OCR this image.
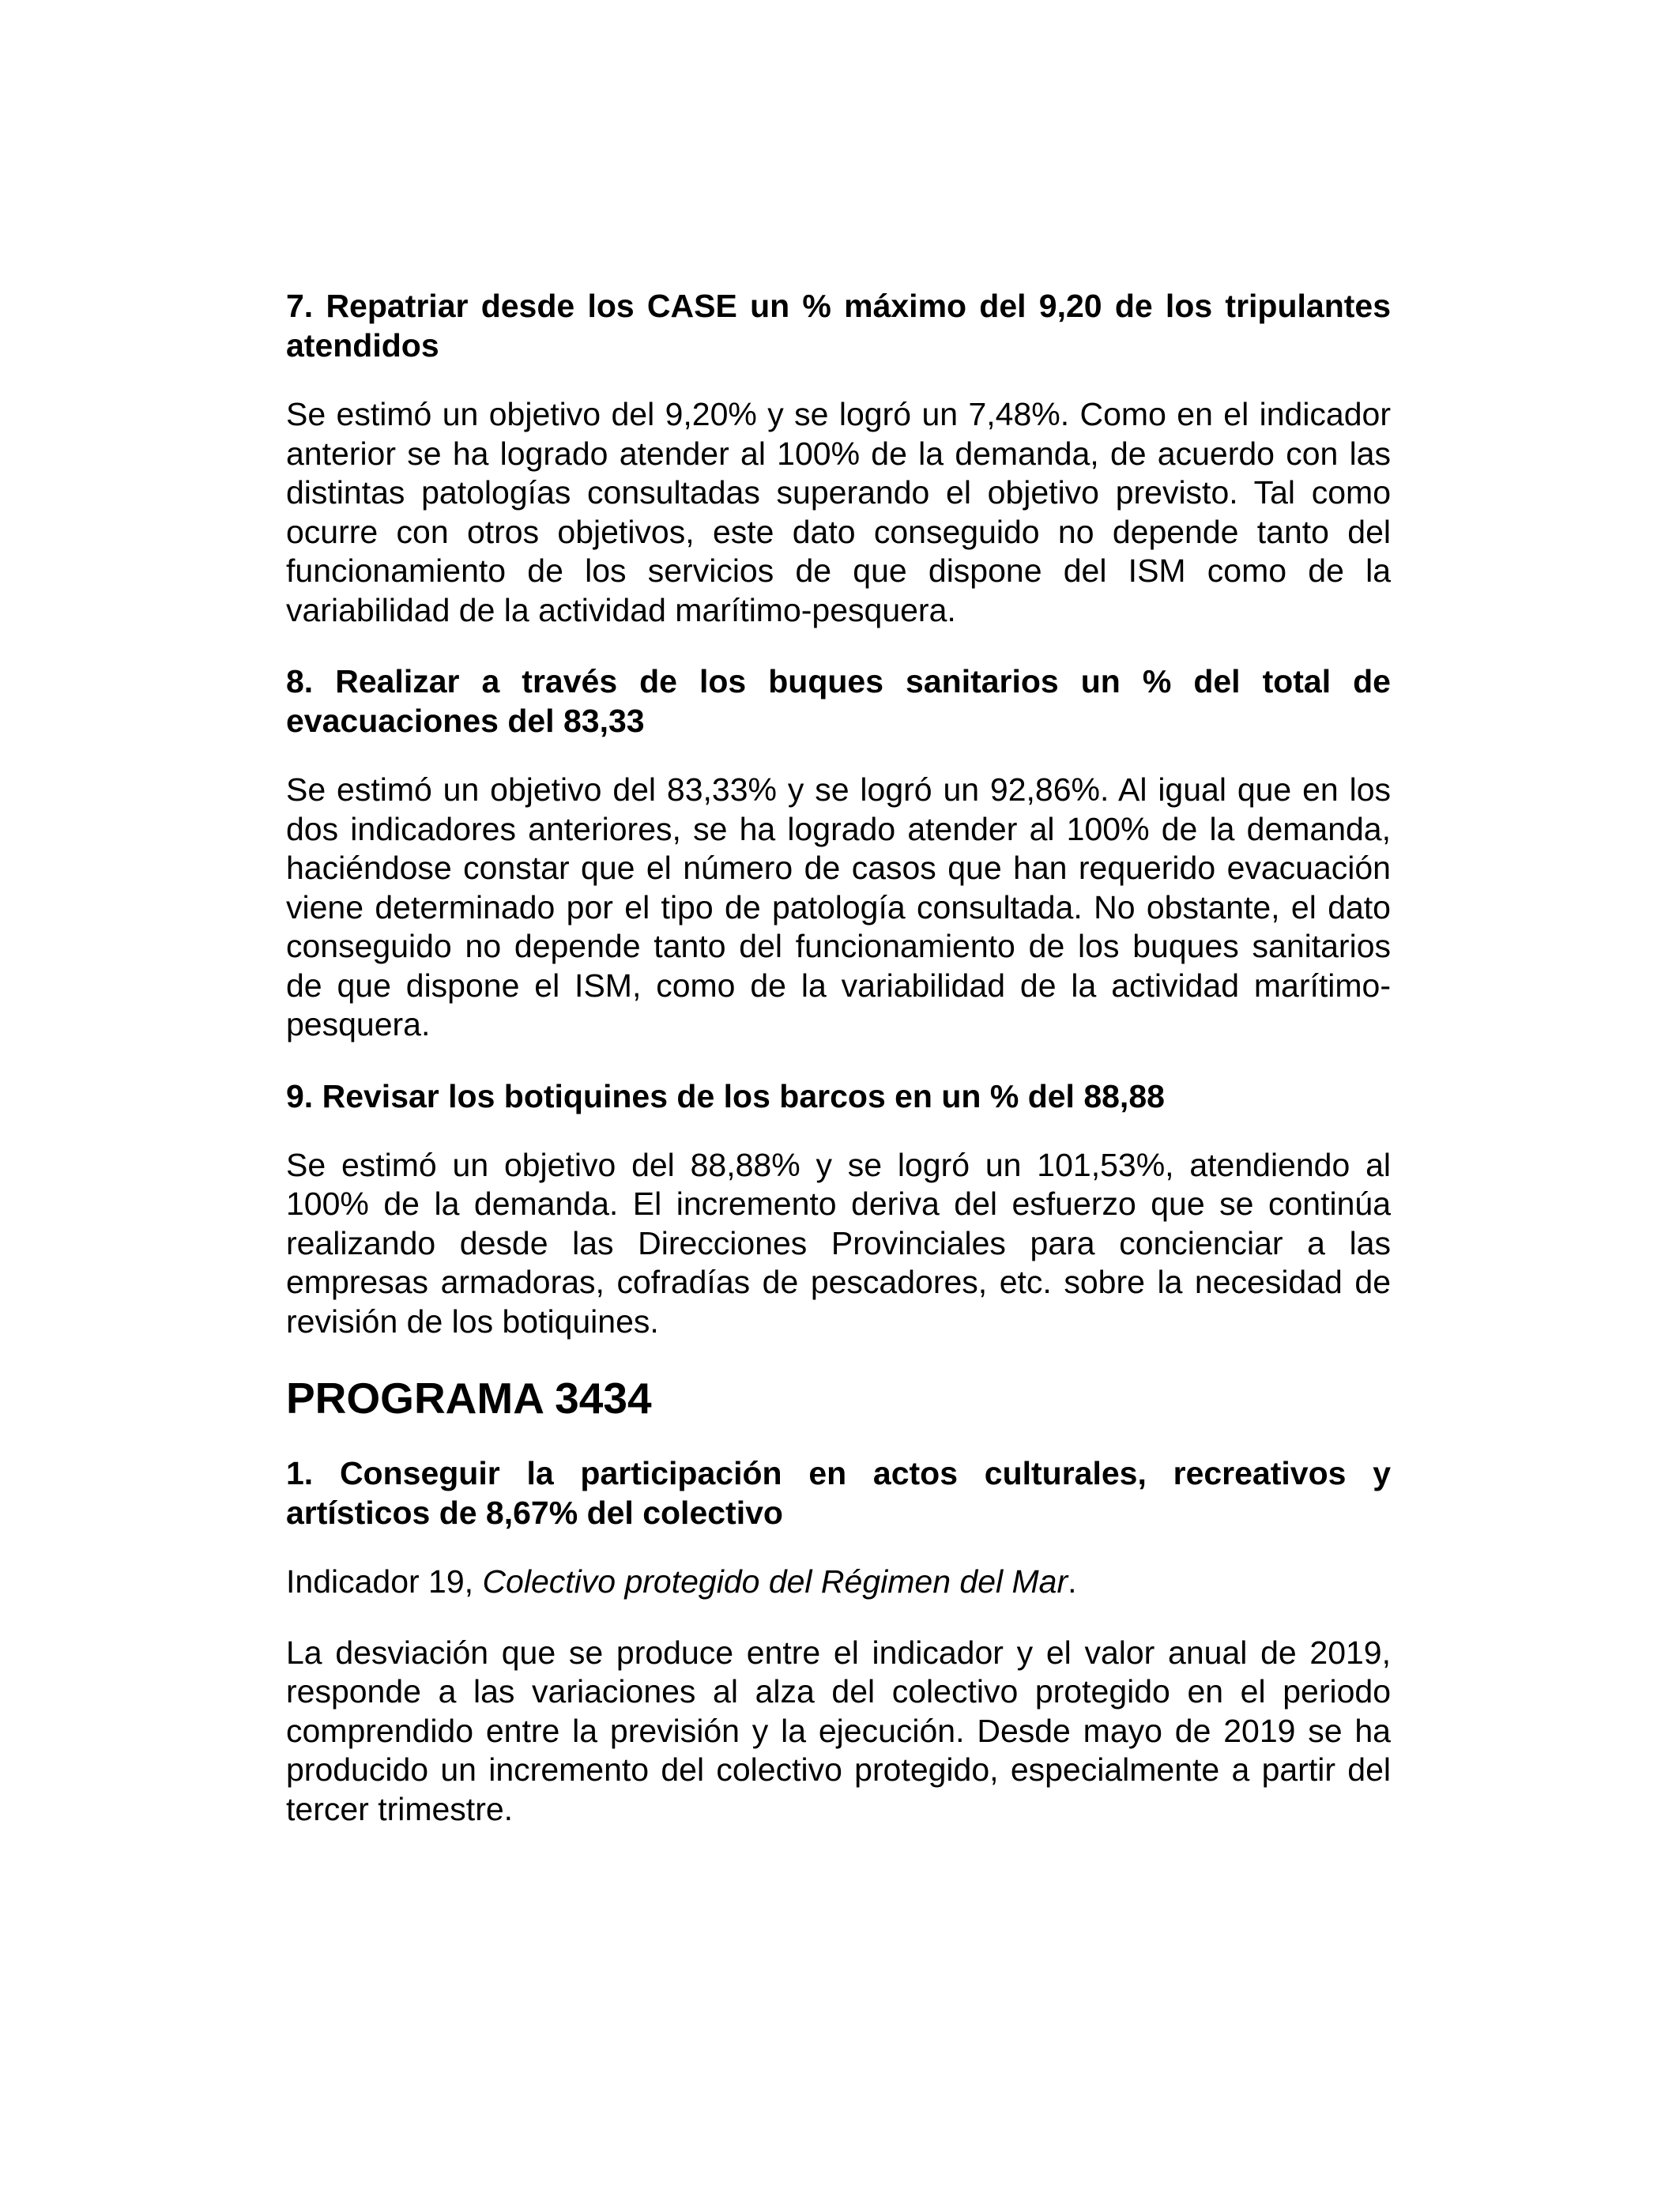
7. Repatriar desde los CASE un % máximo del 9,20 de los tripulantes atendidos

Se estimó un objetivo del 9,20% y se logró un 7,48%. Como en el indicador anterior se ha logrado atender al 100% de la demanda, de acuerdo con las distintas patologías consultadas superando el objetivo previsto. Tal como ocurre con otros objetivos, este dato conseguido no depende tanto del funcionamiento de los servicios de que dispone del ISM como de la variabilidad de la actividad marítimo-pesquera.

8. Realizar a través de los buques sanitarios un % del total de evacuaciones del 83,33

Se estimó un objetivo del 83,33% y se logró un 92,86%. Al igual que en los dos indicadores anteriores, se ha logrado atender al 100% de la demanda, haciéndose constar que el número de casos que han requerido evacuación viene determinado por el tipo de patología consultada. No obstante, el dato conseguido no depende tanto del funcionamiento de los buques sanitarios de que dispone el ISM, como de la variabilidad de la actividad marítimo-pesquera.

9. Revisar los botiquines de los barcos en un % del 88,88

Se estimó un objetivo del 88,88% y se logró un 101,53%, atendiendo al 100% de la demanda. El incremento deriva del esfuerzo que se continúa realizando desde las Direcciones Provinciales para concienciar a las empresas armadoras, cofradías de pescadores, etc. sobre la necesidad de revisión de los botiquines.

PROGRAMA 3434

1. Conseguir la participación en actos culturales, recreativos y artísticos de 8,67% del colectivo

Indicador 19, Colectivo protegido del Régimen del Mar.

La desviación que se produce entre el indicador y el valor anual de 2019, responde a las variaciones al alza del colectivo protegido en el periodo comprendido entre la previsión y la ejecución. Desde mayo de 2019 se ha producido un incremento del colectivo protegido, especialmente a partir del tercer trimestre.
